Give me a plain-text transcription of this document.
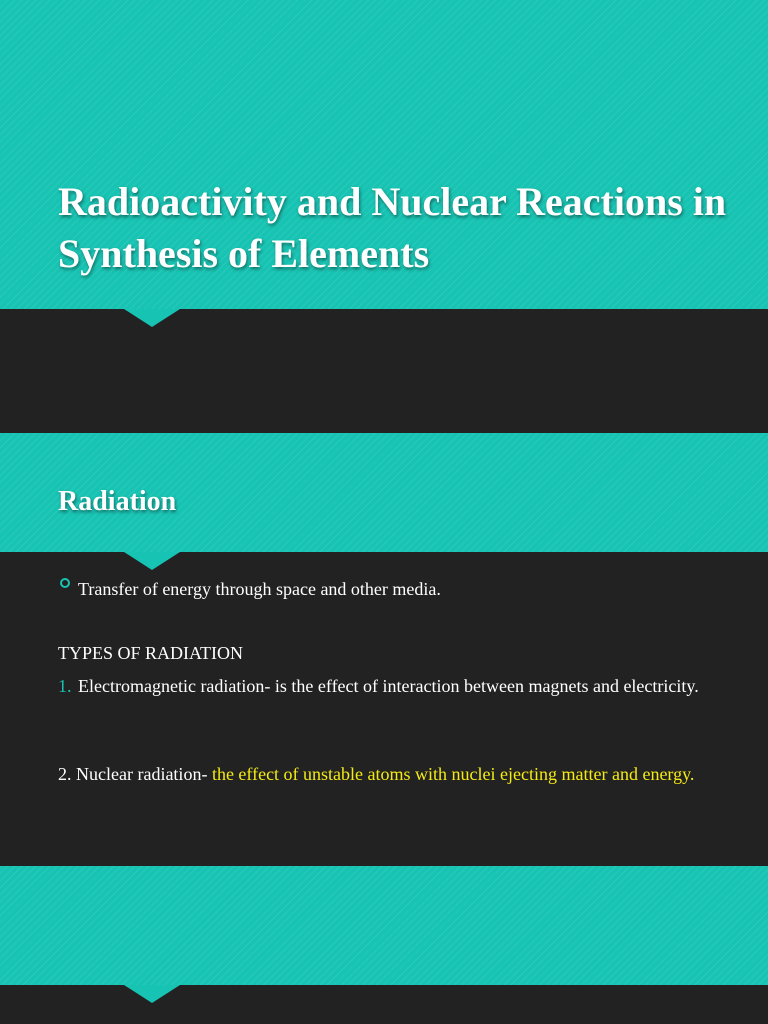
Radioactivity and Nuclear Reactions in Synthesis of Elements
Radiation

Transfer of energy through space and other media.

TYPES OF RADIATION

1. Electromagnetic radiation- is the effect of interaction between magnets and electricity.

2. Nuclear radiation- the effect of unstable atoms with nuclei ejecting matter and energy.
